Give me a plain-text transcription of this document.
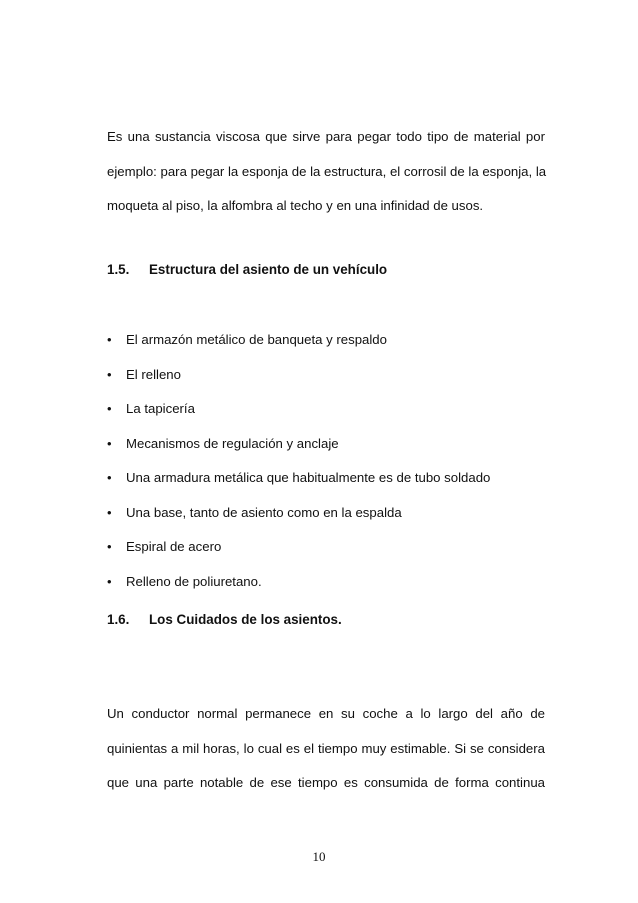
Es una sustancia viscosa que sirve para pegar todo tipo de material por
ejemplo: para pegar la esponja de la estructura, el corrosil de la esponja, la
moqueta al piso, la alfombra al techo y en una infinidad de usos.
1.5. Estructura del asiento de un vehículo
• El armazón metálico de banqueta y respaldo
• El relleno
• La tapicería
• Mecanismos de regulación y anclaje
• Una armadura metálica que habitualmente es de tubo soldado
• Una base, tanto de asiento como en la espalda
• Espiral de acero
• Relleno de poliuretano.
1.6. Los Cuidados de los asientos.
Un conductor normal permanece en su coche a lo largo del año de
quinientas a mil horas, lo cual es el tiempo muy estimable. Si se considera
que una parte notable de ese tiempo es consumida de forma continua
10
